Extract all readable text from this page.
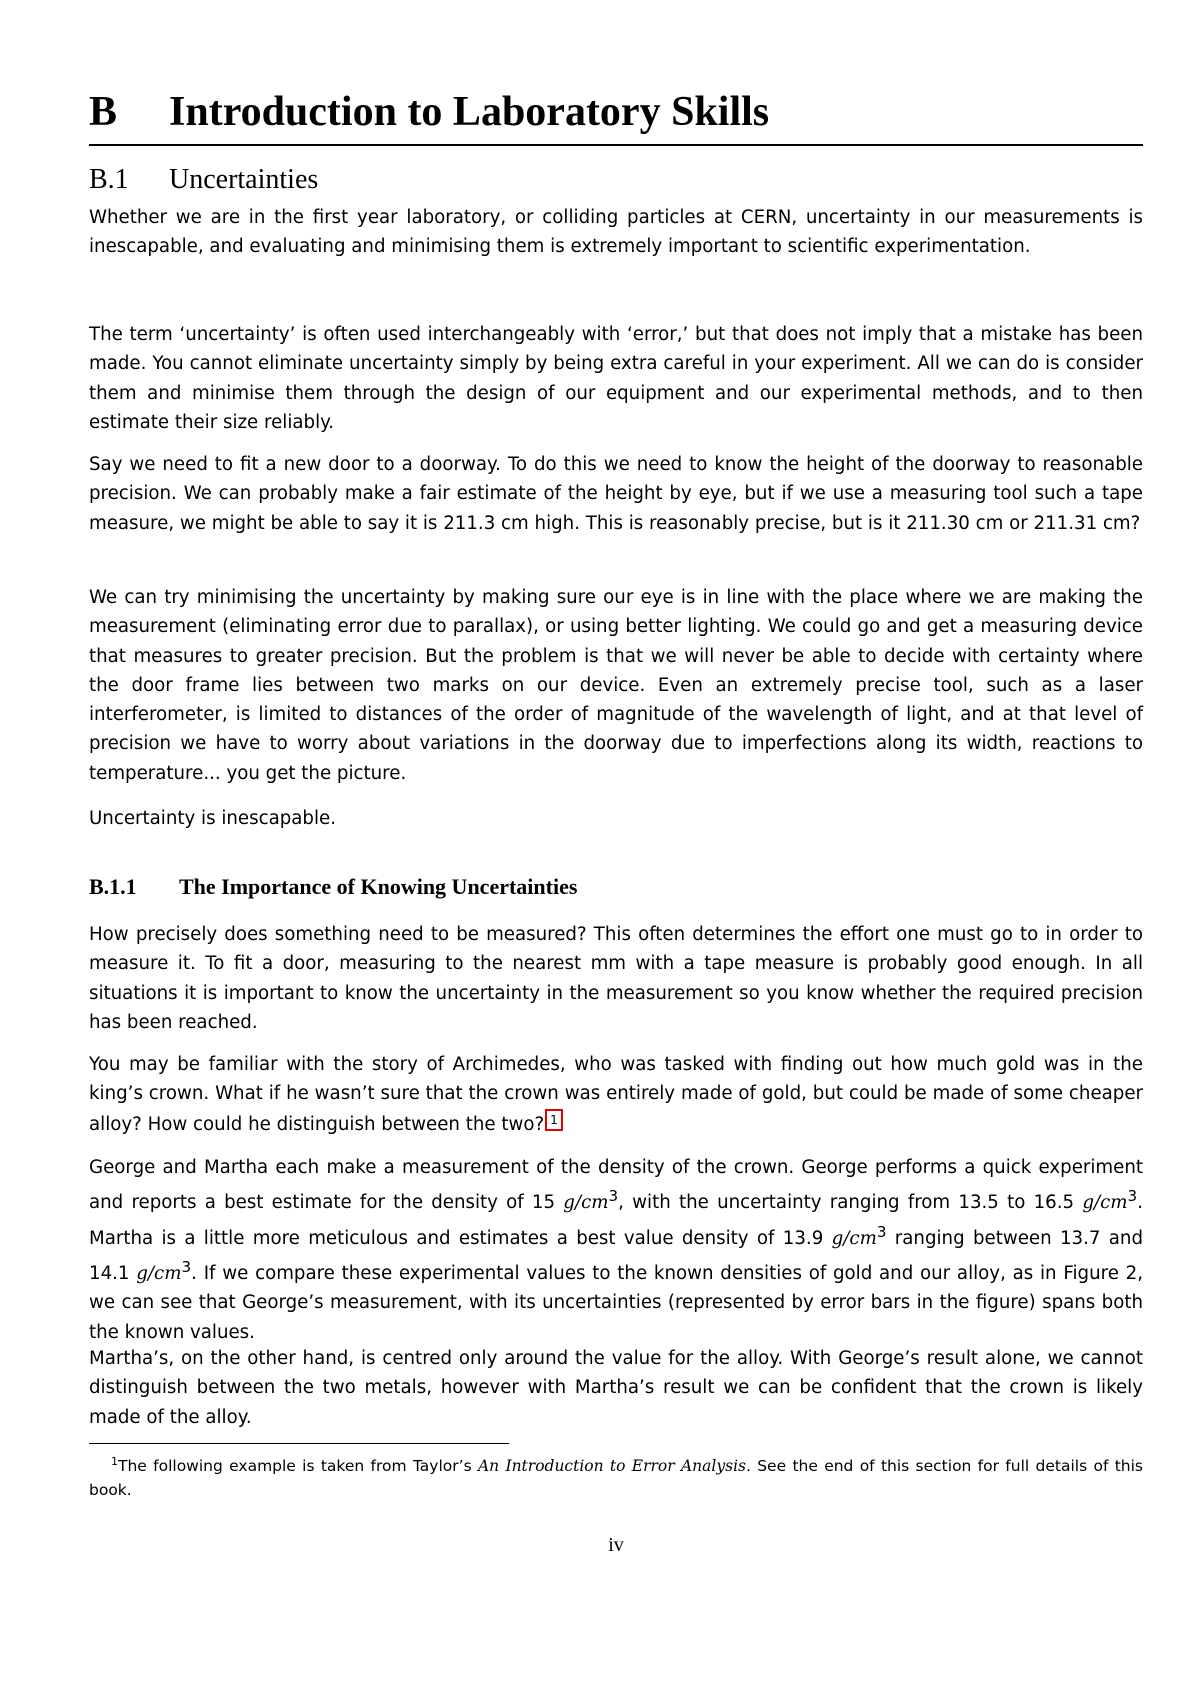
B Introduction to Laboratory Skills
B.1 Uncertainties

Whether we are in the first year laboratory, or colliding particles at CERN, uncertainty in our measurements is inescapable, and evaluating and minimising them is extremely important to scientific experimentation.

The term ‘uncertainty’ is often used interchangeably with ‘error,’ but that does not imply that a mistake has been made. You cannot eliminate uncertainty simply by being extra careful in your experiment. All we can do is consider them and minimise them through the design of our equipment and our experimental methods, and to then estimate their size reliably.

Say we need to fit a new door to a doorway. To do this we need to know the height of the doorway to reasonable precision. We can probably make a fair estimate of the height by eye, but if we use a measuring tool such a tape measure, we might be able to say it is 211.3 cm high. This is reasonably precise, but is it 211.30 cm or 211.31 cm?

We can try minimising the uncertainty by making sure our eye is in line with the place where we are making the measurement (eliminating error due to parallax), or using better lighting. We could go and get a measuring device that measures to greater precision. But the problem is that we will never be able to decide with certainty where the door frame lies between two marks on our device. Even an extremely precise tool, such as a laser interferometer, is limited to distances of the order of magnitude of the wavelength of light, and at that level of precision we have to worry about variations in the doorway due to imperfections along its width, reactions to temperature... you get the picture.

Uncertainty is inescapable.

B.1.1 The Importance of Knowing Uncertainties

How precisely does something need to be measured? This often determines the effort one must go to in order to measure it. To fit a door, measuring to the nearest mm with a tape measure is probably good enough. In all situations it is important to know the uncertainty in the measurement so you know whether the required precision has been reached.

You may be familiar with the story of Archimedes, who was tasked with finding out how much gold was in the king’s crown. What if he wasn’t sure that the crown was entirely made of gold, but could be made of some cheaper alloy? How could he distinguish between the two? 1

George and Martha each make a measurement of the density of the crown. George performs a quick experiment and reports a best estimate for the density of 15 $g/cm^3$, with the uncertainty ranging from 13.5 to 16.5 $g/cm^3$. Martha is a little more meticulous and estimates a best value density of 13.9 $g/cm^3$ ranging between 13.7 and 14.1 $g/cm^3$. If we compare these experimental values to the known densities of gold and our alloy, as in Figure 2, we can see that George’s measurement, with its uncertainties (represented by error bars in the figure) spans both the known values.

Martha’s, on the other hand, is centred only around the value for the alloy. With George’s result alone, we cannot distinguish between the two metals, however with Martha’s result we can be confident that the crown is likely made of the alloy.

$^1$The following example is taken from Taylor’s An Introduction to Error Analysis. See the end of this section for full details of this book.
iv
